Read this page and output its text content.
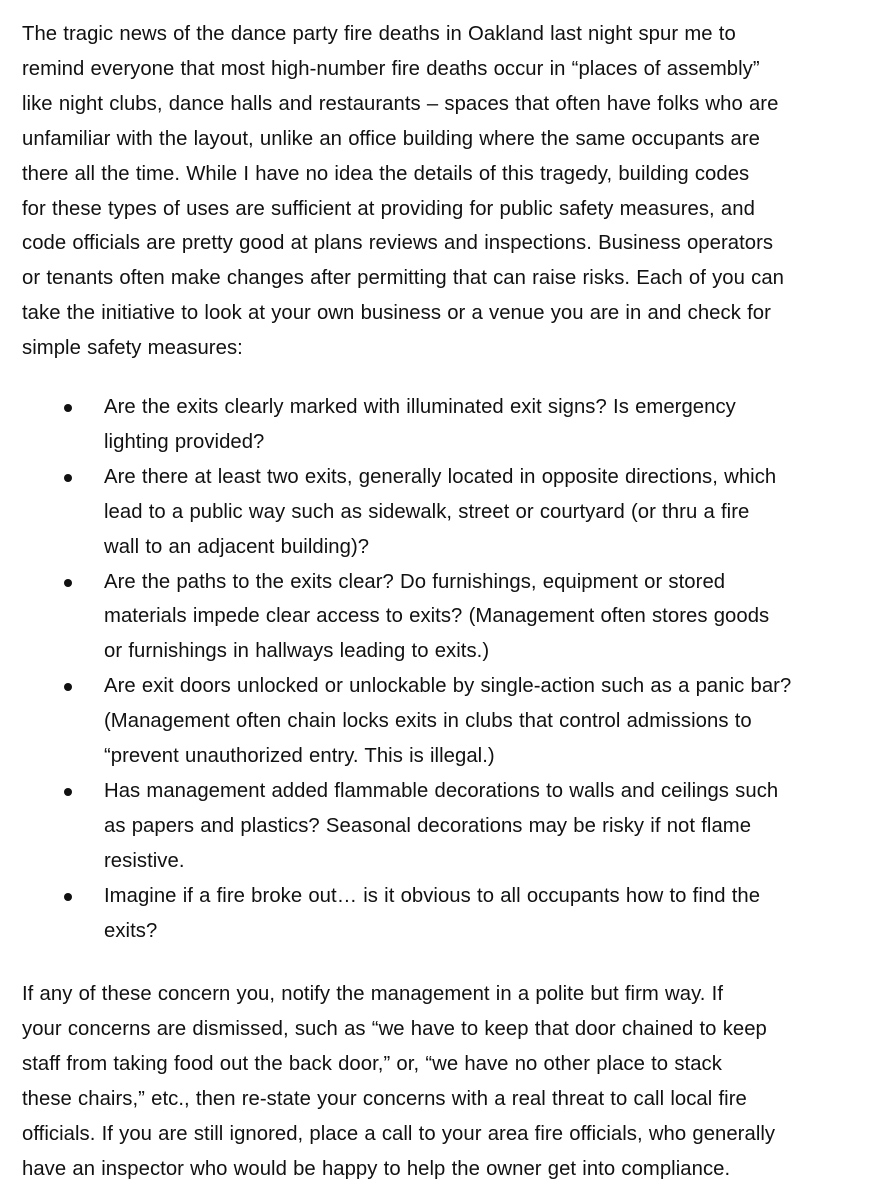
The tragic news of the dance party fire deaths in Oakland last night spur me to
remind everyone that most high-number fire deaths occur in “places of assembly”
like night clubs, dance halls and restaurants – spaces that often have folks who are
unfamiliar with the layout, unlike an office building where the same occupants are
there all the time. While I have no idea the details of this tragedy, building codes
for these types of uses are sufficient at providing for public safety measures, and
code officials are pretty good at plans reviews and inspections. Business operators
or tenants often make changes after permitting that can raise risks. Each of you can
take the initiative to look at your own business or a venue you are in and check for
simple safety measures:

Are the exits clearly marked with illuminated exit signs? Is emergency
lighting provided?
Are there at least two exits, generally located in opposite directions, which
lead to a public way such as sidewalk, street or courtyard (or thru a fire
wall to an adjacent building)?
Are the paths to the exits clear? Do furnishings, equipment or stored
materials impede clear access to exits? (Management often stores goods
or furnishings in hallways leading to exits.)
Are exit doors unlocked or unlockable by single-action such as a panic bar?
(Management often chain locks exits in clubs that control admissions to
“prevent unauthorized entry. This is illegal.)
Has management added flammable decorations to walls and ceilings such
as papers and plastics? Seasonal decorations may be risky if not flame
resistive.
Imagine if a fire broke out… is it obvious to all occupants how to find the
exits?

If any of these concern you, notify the management in a polite but firm way. If
your concerns are dismissed, such as “we have to keep that door chained to keep
staff from taking food out the back door,” or, “we have no other place to stack
these chairs,” etc., then re-state your concerns with a real threat to call local fire
officials. If you are still ignored, place a call to your area fire officials, who generally
have an inspector who would be happy to help the owner get into compliance.
